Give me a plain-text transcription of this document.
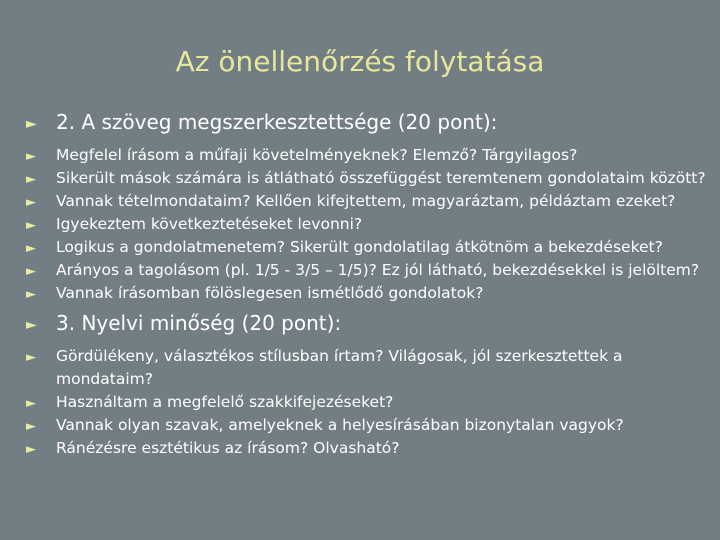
Az önellenőrzés folytatása
► 2. A szöveg megszerkesztettsége (20 pont):
► Megfelel írásom a műfaji követelményeknek? Elemző? Tárgyilagos?
► Sikerült mások számára is átlátható összefüggést teremtenem gondolataim között?
► Vannak tételmondataim? Kellően kifejtettem, magyaráztam, példáztam ezeket?
► Igyekeztem következtetéseket levonni?
► Logikus a gondolatmenetem? Sikerült gondolatilag átkötnöm a bekezdéseket?
► Arányos a tagolásom (pl. 1/5 - 3/5 – 1/5)? Ez jól látható, bekezdésekkel is jelöltem?
► Vannak írásomban fölöslegesen ismétlődő gondolatok?
► 3. Nyelvi minőség (20 pont):
► Gördülékeny, választékos stílusban írtam? Világosak, jól szerkesztettek a mondataim?
► Használtam a megfelelő szakkifejezéseket?
► Vannak olyan szavak, amelyeknek a helyesírásában bizonytalan vagyok?
► Ránézésre esztétikus az írásom? Olvasható?
